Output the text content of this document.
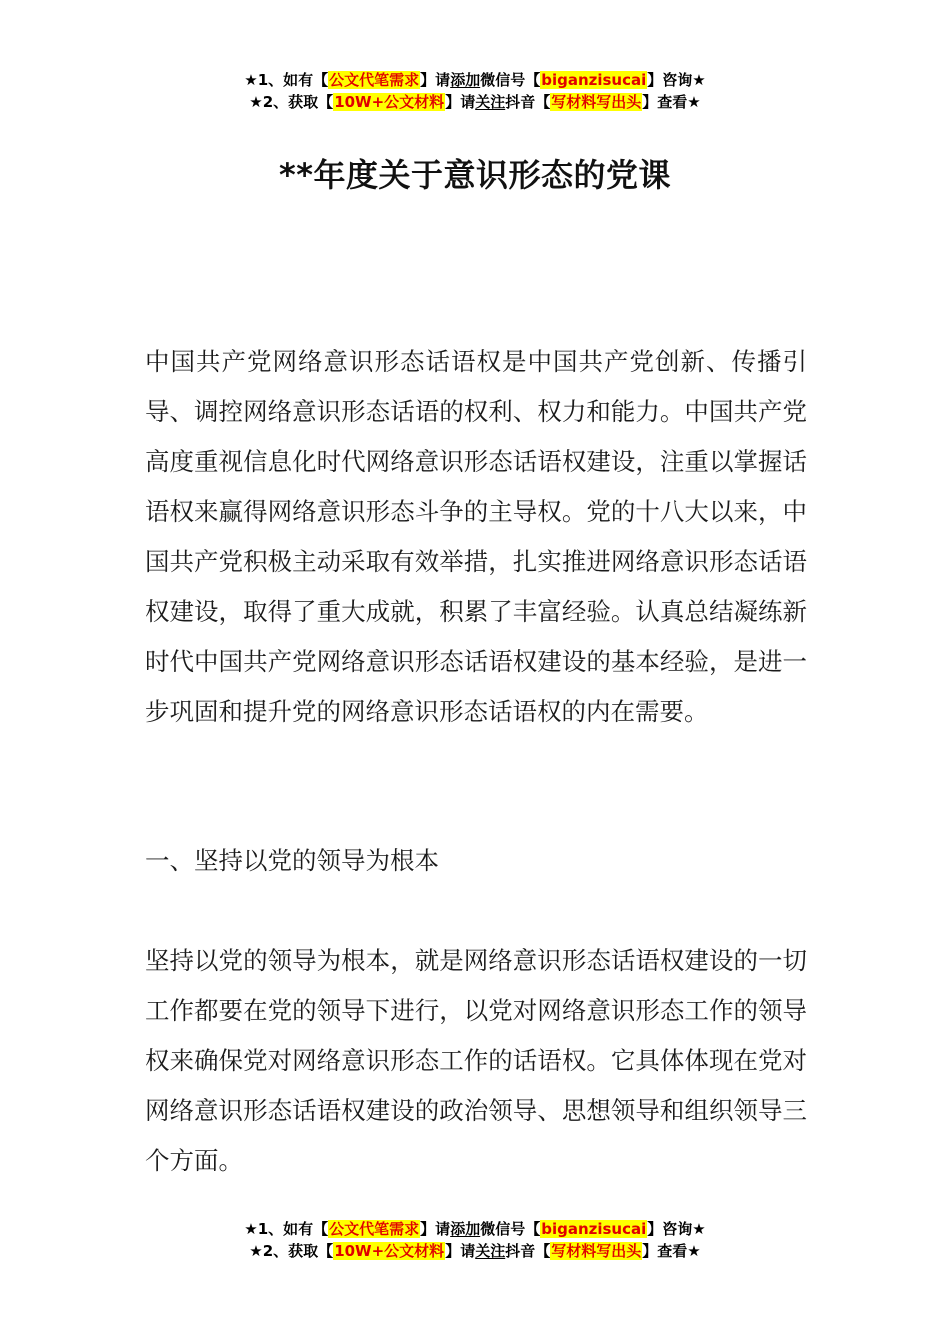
★1、如有【公文代笔需求】请添加微信号【biganzisucai】咨询★
★2、获取【10W+公文材料】请关注抖音【写材料写出头】查看★
**年度关于意识形态的党课

中国共产党网络意识形态话语权是中国共产党创新、传播引导、调控网络意识形态话语的权利、权力和能力。中国共产党高度重视信息化时代网络意识形态话语权建设，注重以掌握话语权来赢得网络意识形态斗争的主导权。党的十八大以来，中国共产党积极主动采取有效举措，扎实推进网络意识形态话语权建设，取得了重大成就，积累了丰富经验。认真总结凝练新时代中国共产党网络意识形态话语权建设的基本经验，是进一步巩固和提升党的网络意识形态话语权的内在需要。

一、坚持以党的领导为根本

坚持以党的领导为根本，就是网络意识形态话语权建设的一切工作都要在党的领导下进行，以党对网络意识形态工作的领导权来确保党对网络意识形态工作的话语权。它具体体现在党对网络意识形态话语权建设的政治领导、思想领导和组织领导三个方面。

★1、如有【公文代笔需求】请添加微信号【biganzisucai】咨询★
★2、获取【10W+公文材料】请关注抖音【写材料写出头】查看★
